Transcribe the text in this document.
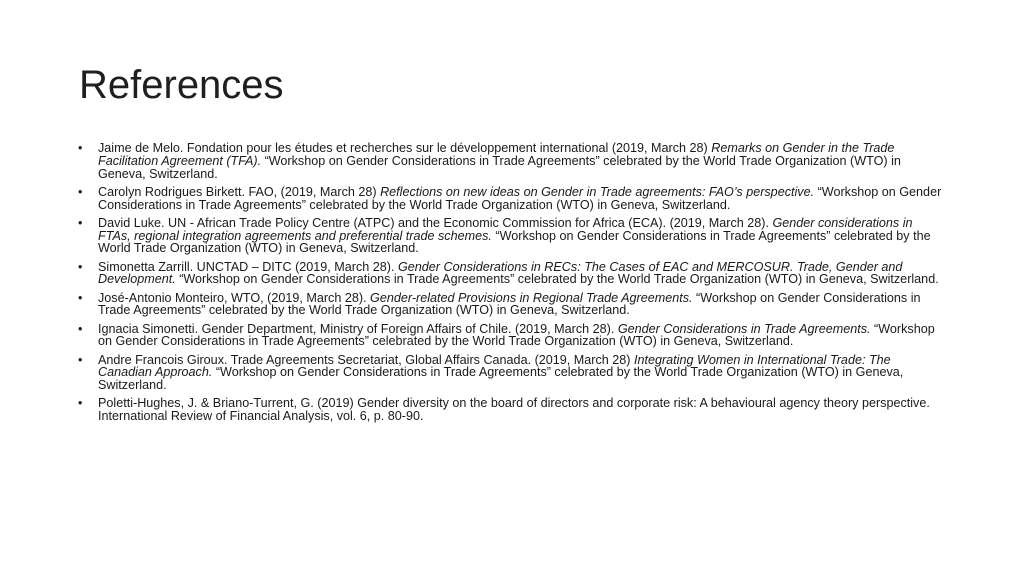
References
• Jaime de Melo. Fondation pour les études et recherches sur le développement international (2019, March 28) Remarks on Gender in the Trade Facilitation Agreement (TFA). “Workshop on Gender Considerations in Trade Agreements” celebrated by the World Trade Organization (WTO) in Geneva, Switzerland.
• Carolyn Rodrigues Birkett. FAO, (2019, March 28) Reflections on new ideas on Gender in Trade agreements: FAO’s perspective. “Workshop on Gender Considerations in Trade Agreements” celebrated by the World Trade Organization (WTO) in Geneva, Switzerland.
• David Luke. UN - African Trade Policy Centre (ATPC) and the Economic Commission for Africa (ECA). (2019, March 28). Gender considerations in FTAs, regional integration agreements and preferential trade schemes. “Workshop on Gender Considerations in Trade Agreements” celebrated by the World Trade Organization (WTO) in Geneva, Switzerland.
• Simonetta Zarrill. UNCTAD – DITC (2019, March 28). Gender Considerations in RECs: The Cases of EAC and MERCOSUR. Trade, Gender and Development. “Workshop on Gender Considerations in Trade Agreements” celebrated by the World Trade Organization (WTO) in Geneva, Switzerland.
• José-Antonio Monteiro, WTO, (2019, March 28). Gender-related Provisions in Regional Trade Agreements. “Workshop on Gender Considerations in Trade Agreements” celebrated by the World Trade Organization (WTO) in Geneva, Switzerland.
• Ignacia Simonetti. Gender Department, Ministry of Foreign Affairs of Chile. (2019, March 28). Gender Considerations in Trade Agreements. “Workshop on Gender Considerations in Trade Agreements” celebrated by the World Trade Organization (WTO) in Geneva, Switzerland.
• Andre Francois Giroux. Trade Agreements Secretariat, Global Affairs Canada. (2019, March 28) Integrating Women in International Trade: The Canadian Approach. “Workshop on Gender Considerations in Trade Agreements” celebrated by the World Trade Organization (WTO) in Geneva, Switzerland.
• Poletti-Hughes, J. & Briano-Turrent, G. (2019) Gender diversity on the board of directors and corporate risk: A behavioural agency theory perspective. International Review of Financial Analysis, vol. 6, p. 80-90.
